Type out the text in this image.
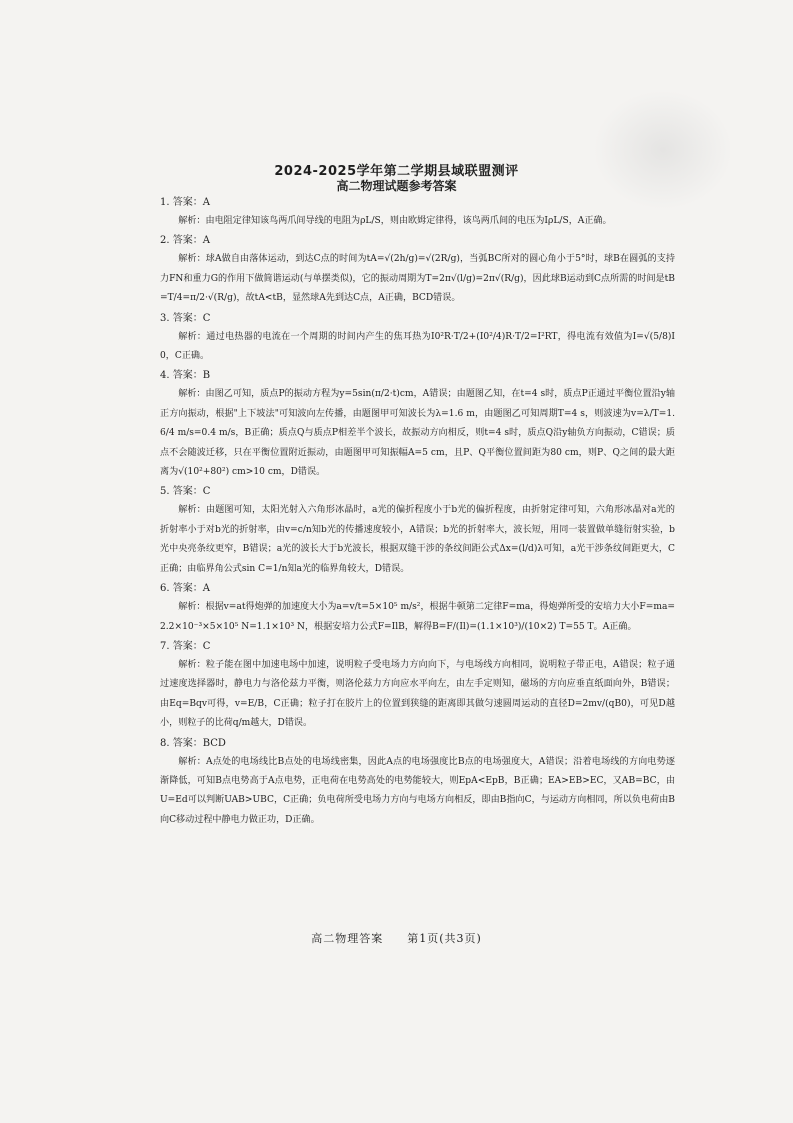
2024-2025学年第二学期县域联盟测评
高二物理试题参考答案
1. 答案：A
解析：由电阻定律知该鸟两爪间导线的电阻为ρL/S，则由欧姆定律得，该鸟两爪间的电压为IρL/S，A正确。
2. 答案：A
解析：球A做自由落体运动，到达C点的时间为tA=√(2h/g)=√(2R/g)，当弧BC所对的圆心角小于5°时，球B在圆弧的支持力FN和重力G的作用下做简谐运动(与单摆类似)，它的振动周期为T=2π√(l/g)=2π√(R/g)，因此球B运动到C点所需的时间是tB=T/4=π/2·√(R/g)，故tA<tB，显然球A先到达C点，A正确，BCD错误。
3. 答案：C
解析：通过电热器的电流在一个周期的时间内产生的焦耳热为I0²R·T/2+(I0²/4)R·T/2=I²RT，得电流有效值为I=√(5/8)I0，C正确。
4. 答案：B
解析：由图乙可知，质点P的振动方程为y=5sin(π/2·t)cm，A错误；由题图乙知，在t=4 s时，质点P正通过平衡位置沿y轴正方向振动，根据"上下坡法"可知波向左传播，由题图甲可知波长为λ=1.6 m，由题图乙可知周期T=4 s，则波速为v=λ/T=1.6/4 m/s=0.4 m/s，B正确；质点Q与质点P相差半个波长，故振动方向相反，则t=4 s时，质点Q沿y轴负方向振动，C错误；质点不会随波迁移，只在平衡位置附近振动，由题图甲可知振幅A=5 cm，且P、Q平衡位置间距为80 cm，则P、Q之间的最大距离为√(10²+80²) cm>10 cm，D错误。
5. 答案：C
解析：由题图可知，太阳光射入六角形冰晶时，a光的偏折程度小于b光的偏折程度，由折射定律可知，六角形冰晶对a光的折射率小于对b光的折射率，由v=c/n知b光的传播速度较小，A错误；b光的折射率大，波长短，用同一装置做单缝衍射实验，b光中央亮条纹更窄，B错误；a光的波长大于b光波长，根据双缝干涉的条纹间距公式Δx=(l/d)λ可知，a光干涉条纹间距更大，C正确；由临界角公式sin C=1/n知a光的临界角较大，D错误。
6. 答案：A
解析：根据v=at得炮弹的加速度大小为a=v/t=5×10⁵ m/s²，根据牛顿第二定律F=ma，得炮弹所受的安培力大小F=ma=2.2×10⁻³×5×10⁵ N=1.1×10³ N，根据安培力公式F=IlB，解得B=F/(Il)=(1.1×10³)/(10×2) T=55 T。A正确。
7. 答案：C
解析：粒子能在图中加速电场中加速，说明粒子受电场力方向向下，与电场线方向相同，说明粒子带正电，A错误；粒子通过速度选择器时，静电力与洛伦兹力平衡，则洛伦兹力方向应水平向左，由左手定则知，磁场的方向应垂直纸面向外，B错误；由Eq=Bqv可得，v=E/B，C正确；粒子打在胶片上的位置到狭缝的距离即其做匀速圆周运动的直径D=2mv/(qB0)，可见D越小，则粒子的比荷q/m越大，D错误。
8. 答案：BCD
解析：A点处的电场线比B点处的电场线密集，因此A点的电场强度比B点的电场强度大，A错误；沿着电场线的方向电势逐渐降低，可知B点电势高于A点电势，正电荷在电势高处的电势能较大，则EpA<EpB，B正确；EA>EB>EC，又AB=BC，由U=Ed可以判断UAB>UBC，C正确；负电荷所受电场力方向与电场方向相反，即由B指向C，与运动方向相同，所以负电荷由B向C移动过程中静电力做正功，D正确。
高二物理答案　　第1页(共3页)
